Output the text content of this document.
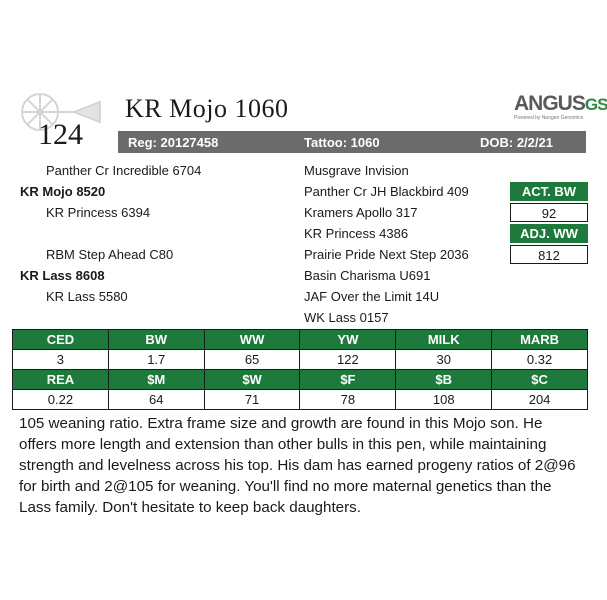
124
KR Mojo 1060	ANGUSGS
Powered by Neogen Genomics
Reg: 20127458	Tattoo: 1060	DOB: 2/2/21
Panther Cr Incredible 6704
KR Mojo 8520
KR Princess 6394
RBM Step Ahead C80
KR Lass 8608
KR Lass 5580
Musgrave Invision
Panther Cr JH Blackbird 409
Kramers Apollo 317
KR Princess 4386
Prairie Pride Next Step 2036
Basin Charisma U691
JAF Over the Limit 14U
WK Lass 0157
ACT. BW
92
ADJ. WW
812
CED	BW	WW	YW	MILK	MARB
3	1.7	65	122	30	0.32
REA	$M	$W	$F	$B	$C
0.22	64	71	78	108	204
105 weaning ratio. Extra frame size and growth are found in this Mojo son. He offers more length and extension than other bulls in this pen, while maintaining strength and levelness across his top. His dam has earned progeny ratios of 2@96 for birth and 2@105 for weaning. You'll find no more maternal genetics than the Lass family. Don't hesitate to keep back daughters.
